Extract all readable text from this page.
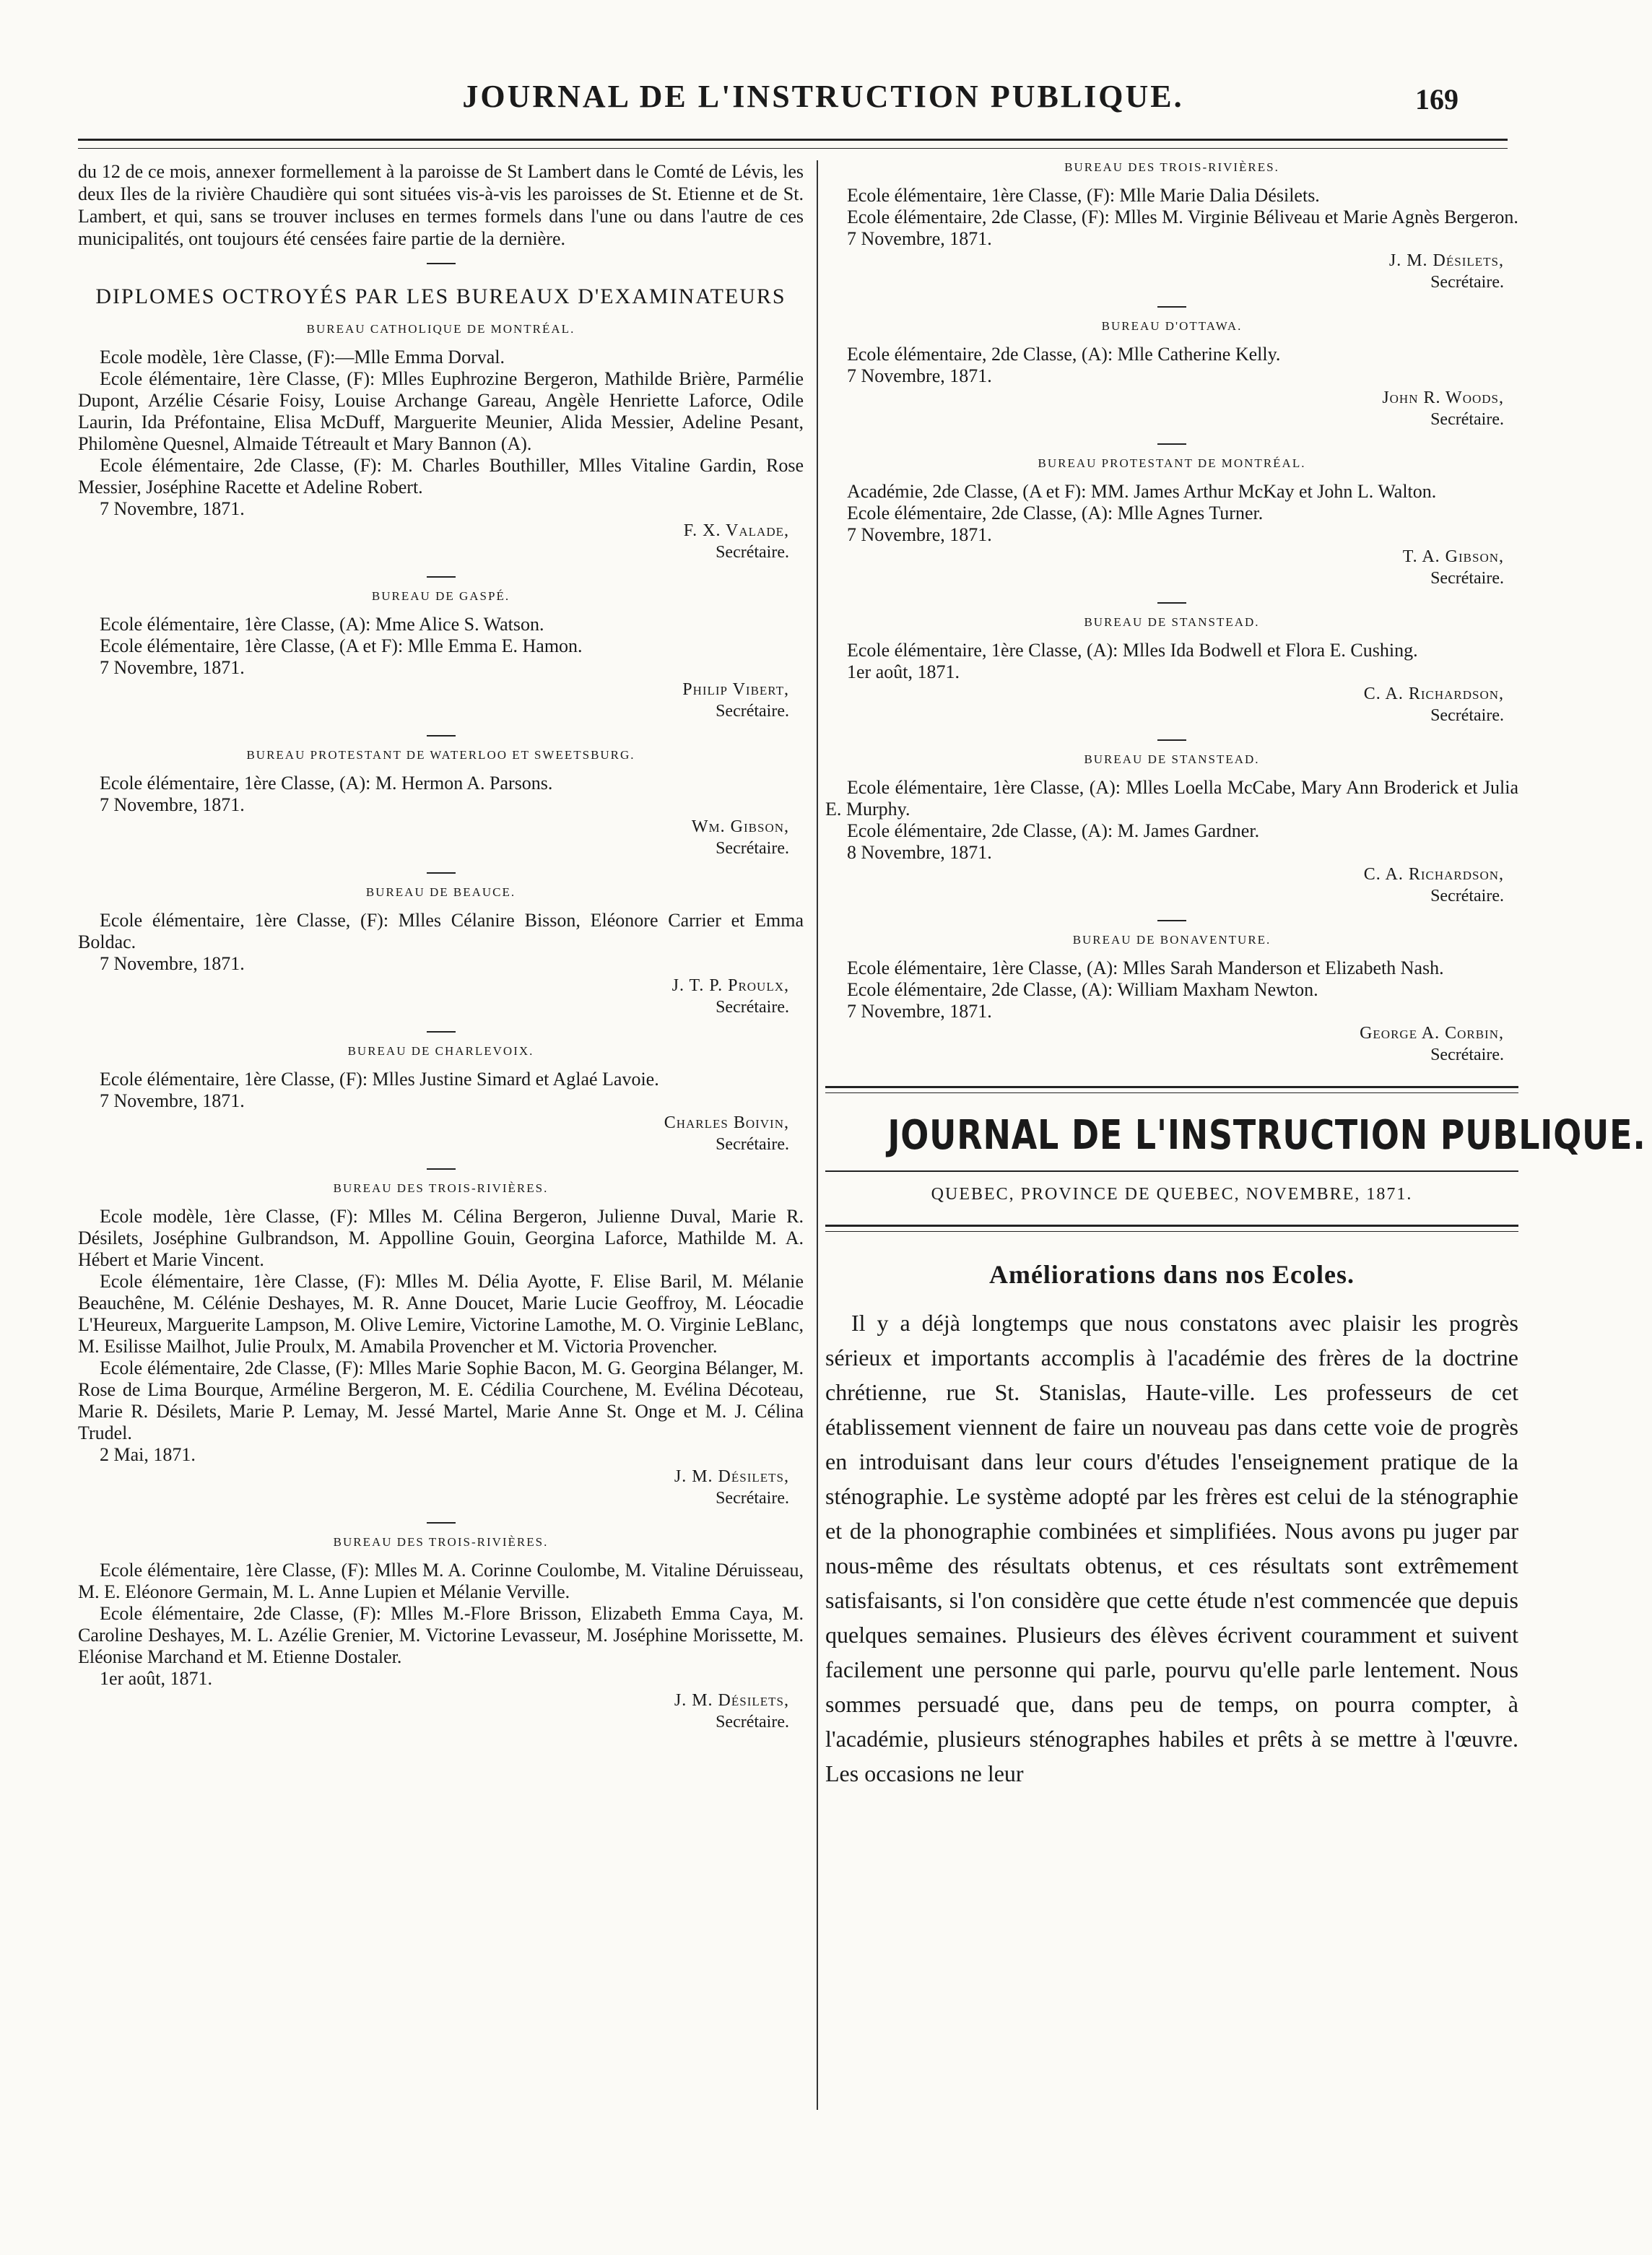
JOURNAL DE L'INSTRUCTION PUBLIQUE.	169

du 12 de ce mois, annexer formellement à la paroisse de St Lambert dans le Comté de Lévis, les deux Iles de la rivière Chaudière qui sont situées vis-à-vis les paroisses de St. Etienne et de St. Lambert, et qui, sans se trouver incluses en termes formels dans l'une ou dans l'autre de ces municipalités, ont toujours été censées faire partie de la dernière.

DIPLOMES OCTROYÉS PAR LES BUREAUX D'EXAMINATEURS
BUREAU CATHOLIQUE DE MONTRÉAL.

Ecole modèle, 1ère Classe, (F):—Mlle Emma Dorval.

Ecole élémentaire, 1ère Classe, (F): Mlles Euphrozine Bergeron, Mathilde Brière, Parmélie Dupont, Arzélie Césarie Foisy, Louise Archange Gareau, Angèle Henriette Laforce, Odile Laurin, Ida Préfontaine, Elisa McDuff, Marguerite Meunier, Alida Messier, Adeline Pesant, Philomène Quesnel, Almaide Tétreault et Mary Bannon (A).

Ecole élémentaire, 2de Classe, (F): M. Charles Bouthiller, Mlles Vitaline Gardin, Rose Messier, Joséphine Racette et Adeline Robert.

7 Novembre, 1871.
F. X. Valade,
Secrétaire.
BUREAU DE GASPÉ.

Ecole élémentaire, 1ère Classe, (A): Mme Alice S. Watson.

Ecole élémentaire, 1ère Classe, (A et F): Mlle Emma E. Hamon.

7 Novembre, 1871.
Philip Vibert,
Secrétaire.
BUREAU PROTESTANT DE WATERLOO ET SWEETSBURG.

Ecole élémentaire, 1ère Classe, (A): M. Hermon A. Parsons.

7 Novembre, 1871.
Wm. Gibson,
Secrétaire.
BUREAU DE BEAUCE.

Ecole élémentaire, 1ère Classe, (F): Mlles Célanire Bisson, Eléonore Carrier et Emma Boldac.

7 Novembre, 1871.
J. T. P. Proulx,
Secrétaire.
BUREAU DE CHARLEVOIX.

Ecole élémentaire, 1ère Classe, (F): Mlles Justine Simard et Aglaé Lavoie.

7 Novembre, 1871.
Charles Boivin,
Secrétaire.
BUREAU DES TROIS-RIVIÈRES.

Ecole modèle, 1ère Classe, (F): Mlles M. Célina Bergeron, Julienne Duval, Marie R. Désilets, Joséphine Gulbrandson, M. Appolline Gouin, Georgina Laforce, Mathilde M. A. Hébert et Marie Vincent.

Ecole élémentaire, 1ère Classe, (F): Mlles M. Délia Ayotte, F. Elise Baril, M. Mélanie Beauchêne, M. Célénie Deshayes, M. R. Anne Doucet, Marie Lucie Geoffroy, M. Léocadie L'Heureux, Marguerite Lampson, M. Olive Lemire, Victorine Lamothe, M. O. Virginie LeBlanc, M. Esilisse Mailhot, Julie Proulx, M. Amabila Provencher et M. Victoria Provencher.

Ecole élémentaire, 2de Classe, (F): Mlles Marie Sophie Bacon, M. G. Georgina Bélanger, M. Rose de Lima Bourque, Arméline Bergeron, M. E. Cédilia Courchene, M. Evélina Décoteau, Marie R. Désilets, Marie P. Lemay, M. Jessé Martel, Marie Anne St. Onge et M. J. Célina Trudel.

2 Mai, 1871.
J. M. Désilets,
Secrétaire.
BUREAU DES TROIS-RIVIÈRES.

Ecole élémentaire, 1ère Classe, (F): Mlles M. A. Corinne Coulombe, M. Vitaline Déruisseau, M. E. Eléonore Germain, M. L. Anne Lupien et Mélanie Verville.

Ecole élémentaire, 2de Classe, (F): Mlles M.-Flore Brisson, Elizabeth Emma Caya, M. Caroline Deshayes, M. L. Azélie Grenier, M. Victorine Levasseur, M. Joséphine Morissette, M. Eléonise Marchand et M. Etienne Dostaler.

1er août, 1871.
J. M. Désilets,
Secrétaire.
BUREAU DES TROIS-RIVIÈRES.

Ecole élémentaire, 1ère Classe, (F): Mlle Marie Dalia Désilets.

Ecole élémentaire, 2de Classe, (F): Mlles M. Virginie Béliveau et Marie Agnès Bergeron.

7 Novembre, 1871.
J. M. Désilets,
Secrétaire.
BUREAU D'OTTAWA.

Ecole élémentaire, 2de Classe, (A): Mlle Catherine Kelly.

7 Novembre, 1871.
John R. Woods,
Secrétaire.
BUREAU PROTESTANT DE MONTRÉAL.

Académie, 2de Classe, (A et F): MM. James Arthur McKay et John L. Walton.

Ecole élémentaire, 2de Classe, (A): Mlle Agnes Turner.

7 Novembre, 1871.
T. A. Gibson,
Secrétaire.
BUREAU DE STANSTEAD.

Ecole élémentaire, 1ère Classe, (A): Mlles Ida Bodwell et Flora E. Cushing.

1er août, 1871.
C. A. Richardson,
Secrétaire.
BUREAU DE STANSTEAD.

Ecole élémentaire, 1ère Classe, (A): Mlles Loella McCabe, Mary Ann Broderick et Julia E. Murphy.

Ecole élémentaire, 2de Classe, (A): M. James Gardner.

8 Novembre, 1871.
C. A. Richardson,
Secrétaire.
BUREAU DE BONAVENTURE.

Ecole élémentaire, 1ère Classe, (A): Mlles Sarah Manderson et Elizabeth Nash.

Ecole élémentaire, 2de Classe, (A): William Maxham Newton.

7 Novembre, 1871.
George A. Corbin,
Secrétaire.
JOURNAL DE L'INSTRUCTION PUBLIQUE.
QUEBEC, PROVINCE DE QUEBEC, NOVEMBRE, 1871.
Améliorations dans nos Ecoles.

Il y a déjà longtemps que nous constatons avec plaisir les progrès sérieux et importants accomplis à l'académie des frères de la doctrine chrétienne, rue St. Stanislas, Haute-ville. Les professeurs de cet établissement viennent de faire un nouveau pas dans cette voie de progrès en introduisant dans leur cours d'études l'enseignement pratique de la sténographie. Le système adopté par les frères est celui de la sténographie et de la phonographie combinées et simplifiées. Nous avons pu juger par nous-même des résultats obtenus, et ces résultats sont extrêmement satisfaisants, si l'on considère que cette étude n'est commencée que depuis quelques semaines. Plusieurs des élèves écrivent couramment et suivent facilement une personne qui parle, pourvu qu'elle parle lentement. Nous sommes persuadé que, dans peu de temps, on pourra compter, à l'académie, plusieurs sténographes habiles et prêts à se mettre à l'œuvre. Les occasions ne leur
